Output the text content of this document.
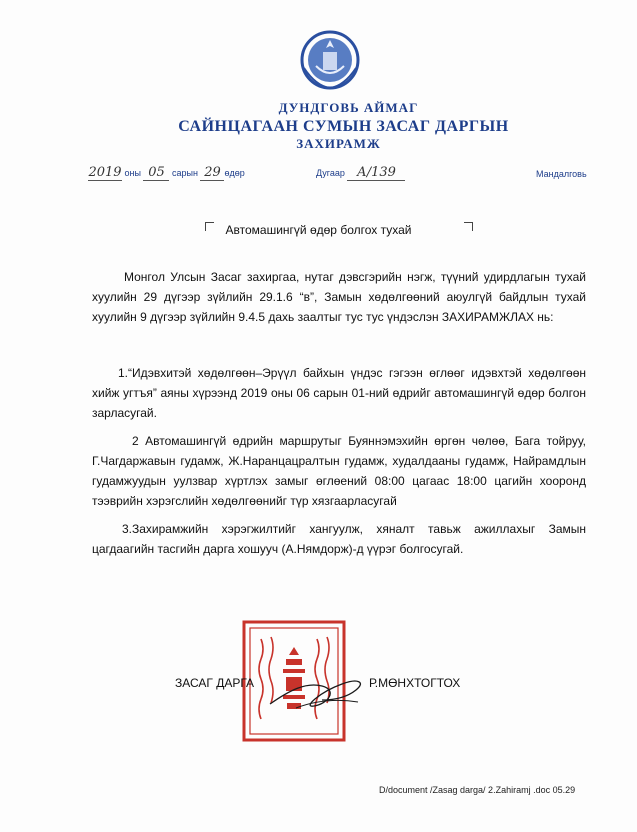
ДУНДГОВЬ АЙМАГ
САЙНЦАГААН СУМЫН ЗАСАГ ДАРГЫН
ЗАХИРАМЖ
2019 оны 05 сарын 29 өдөр	Дугаар А/139	Мандалговь
Автомашингүй өдөр болгох тухай

Монгол Улсын Засаг захиргаа, нутаг дэвсгэрийн нэгж, түүний удирдлагын тухай хуулийн 29 дүгээр зүйлийн 29.1.6 “в”, Замын хөдөлгөөний аюулгүй байдлын тухай хуулийн 9 дүгээр зүйлийн 9.4.5 дахь заалтыг тус тус үндэслэн ЗАХИРАМЖЛАХ нь:

1.“Идэвхитэй хөдөлгөөн–Эрүүл байхын үндэс гэгээн өглөөг идэвхтэй хөдөлгөөн хийж угтъя” аяны хүрээнд 2019 оны 06 сарын 01-ний өдрийг автомашингүй өдөр болгон зарласугай.

2 Автомашингүй өдрийн маршрутыг Буяннэмэхийн өргөн чөлөө, Бага тойруу, Г.Чагдаржавын гудамж, Ж.Наранцацралтын гудамж, худалдааны гудамж, Найрамдлын гудамжуудын уулзвар хүртлэх замыг өглөений 08:00 цагаас 18:00 цагийн хооронд тээврийн хэрэгслийн хөдөлгөөнийг түр хязгаарласугай

3.Захирамжийн хэрэгжилтийг хангуулж, хяналт тавьж ажиллахыг Замын цагдаагийн тасгийн дарга хошууч (А.Нямдорж)-д үүрэг болгосугай.

ЗАСАГ ДАРГА	Р.МӨНХТОГТОХ
D/document /Zasag darga/ 2.Zahiramj .doc 05.29
